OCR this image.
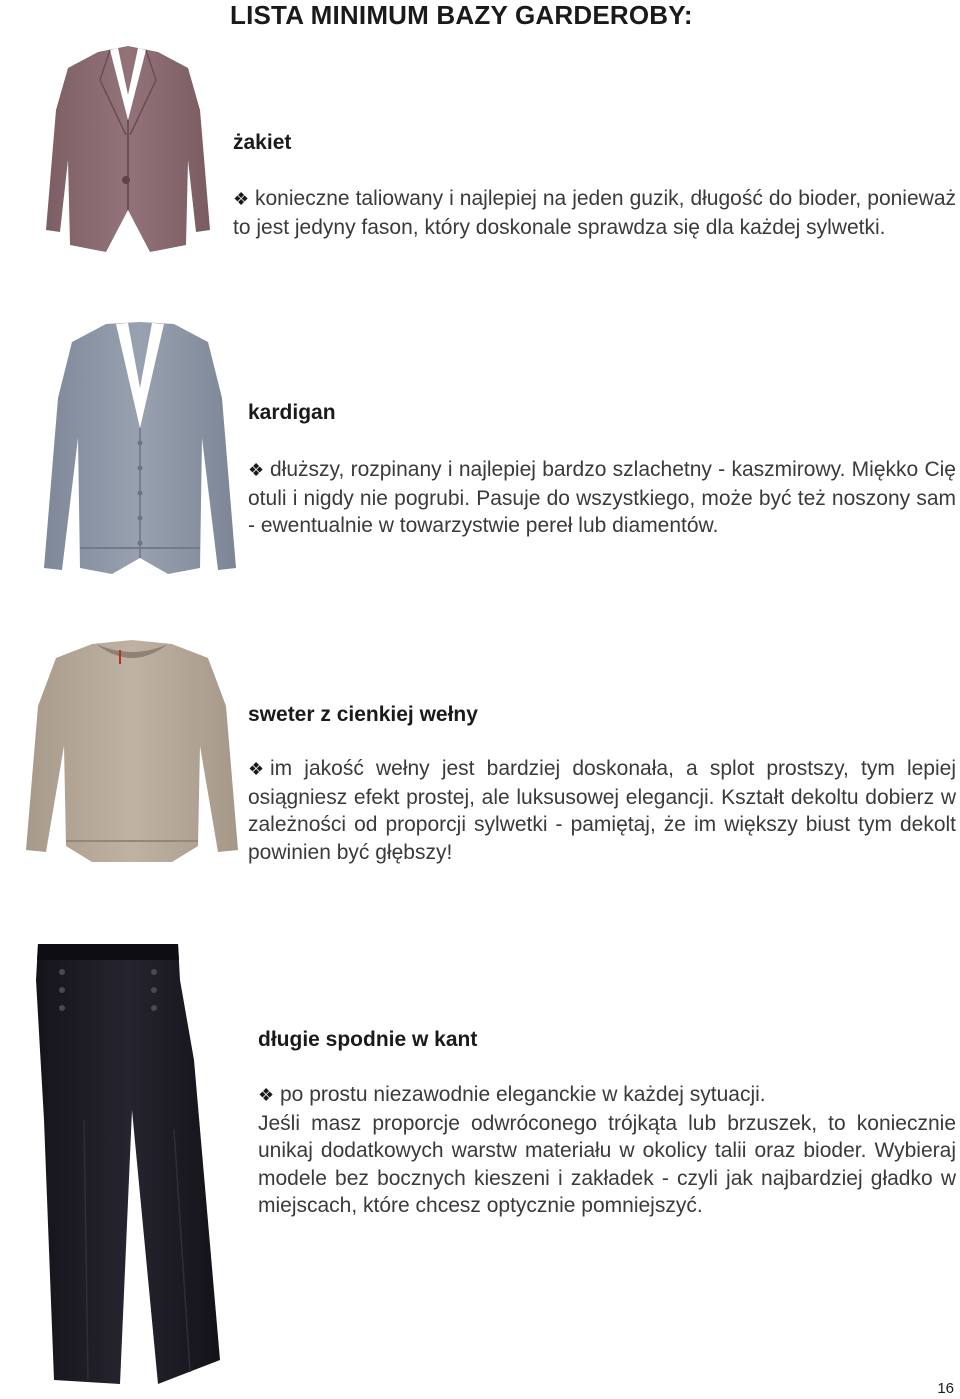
LISTA MINIMUM BAZY GARDEROBY:
żakiet

❖ konieczne taliowany i najlepiej na jeden guzik, długość do bioder, ponieważ to jest jedyny fason, który doskonale sprawdza się dla każdej sylwetki.

kardigan

❖ dłuższy, rozpinany i najlepiej bardzo szlachetny - kaszmirowy. Miękko Cię otuli i nigdy nie pogrubi. Pasuje do wszystkiego, może być też noszony sam - ewentualnie w towarzystwie pereł lub diamentów.

sweter z cienkiej wełny

❖ im jakość wełny jest bardziej doskonała, a splot prostszy, tym lepiej osiągniesz efekt prostej, ale luksusowej elegancji. Kształt dekoltu dobierz w zależności od proporcji sylwetki - pamiętaj, że im większy biust tym dekolt powinien być głębszy!

długie spodnie w kant

❖ po prostu niezawodnie eleganckie w każdej sytuacji.

Jeśli masz proporcje odwróconego trójkąta lub brzuszek, to koniecznie unikaj dodatkowych warstw materiału w okolicy talii oraz bioder. Wybieraj modele bez bocznych kieszeni i zakładek - czyli jak najbardziej gładko w miejscach, które chcesz optycznie pomniejszyć.

16
